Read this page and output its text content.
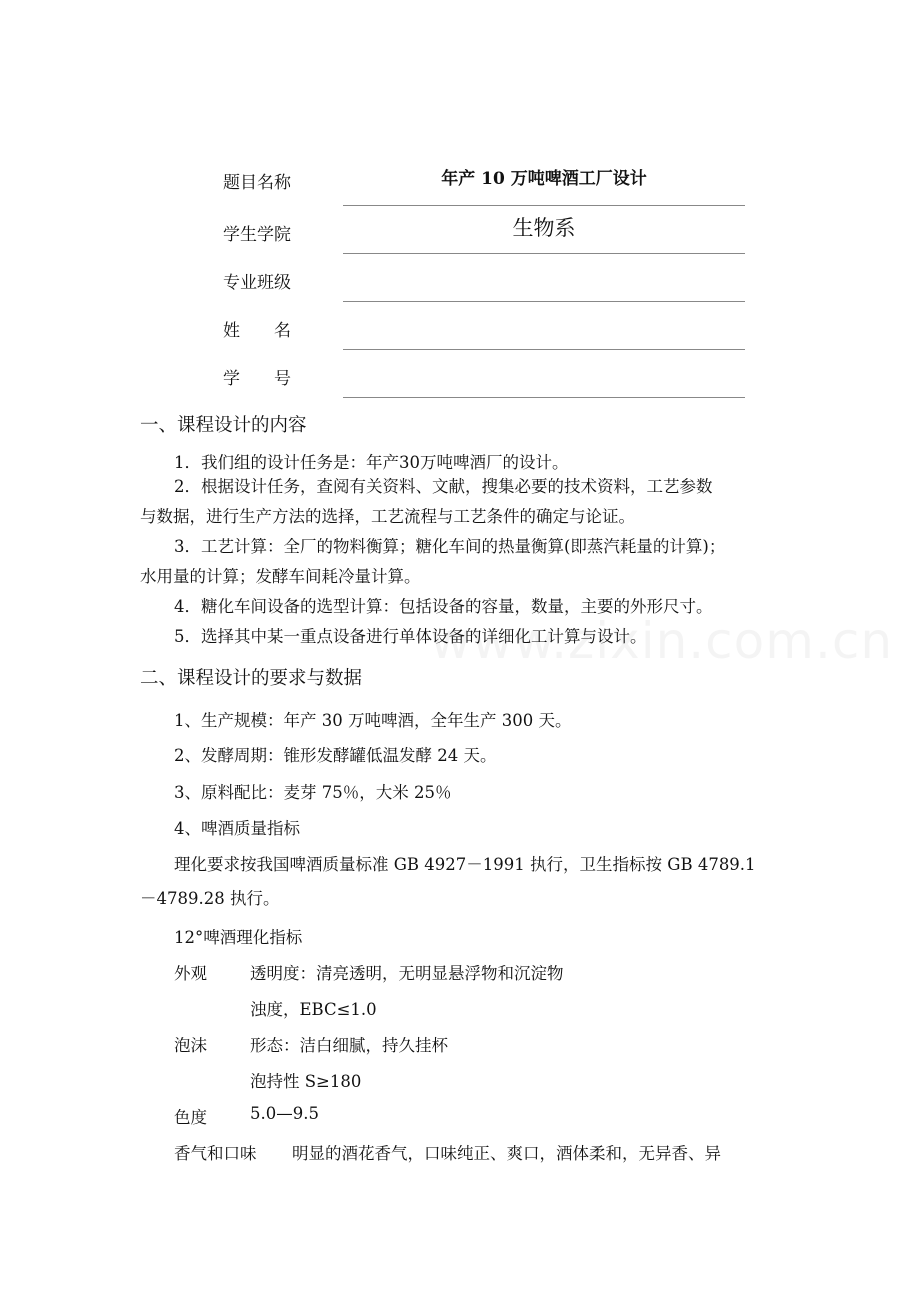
题目名称	年产 10 万吨啤酒工厂设计
学生学院	生物系
专业班级
姓　　名
学　　号
一、课程设计的内容
1．我们组的设计任务是：年产30万吨啤酒厂的设计。
2．根据设计任务，查阅有关资料、文献，搜集必要的技术资料，工艺参数
与数据，进行生产方法的选择，工艺流程与工艺条件的确定与论证。
3．工艺计算：全厂的物料衡算；糖化车间的热量衡算(即蒸汽耗量的计算)；
水用量的计算；发酵车间耗冷量计算。
4．糖化车间设备的选型计算：包括设备的容量，数量，主要的外形尺寸。
5．选择其中某一重点设备进行单体设备的详细化工计算与设计。
二、课程设计的要求与数据
1、生产规模：年产 30 万吨啤酒，全年生产 300 天。
2、发酵周期：锥形发酵罐低温发酵 24 天。
3、原料配比：麦芽 75％，大米 25％
4、啤酒质量指标
理化要求按我国啤酒质量标准 GB 4927－1991 执行，卫生指标按 GB 4789.1
－4789.28 执行。
12°啤酒理化指标
外观	透明度：清亮透明，无明显悬浮物和沉淀物
浊度，EBC≤1.0
泡沫	形态：洁白细腻，持久挂杯
泡持性 S≥180
色度	5.0—9.5
香气和口味 明显的酒花香气，口味纯正、爽口，酒体柔和，无异香、异
